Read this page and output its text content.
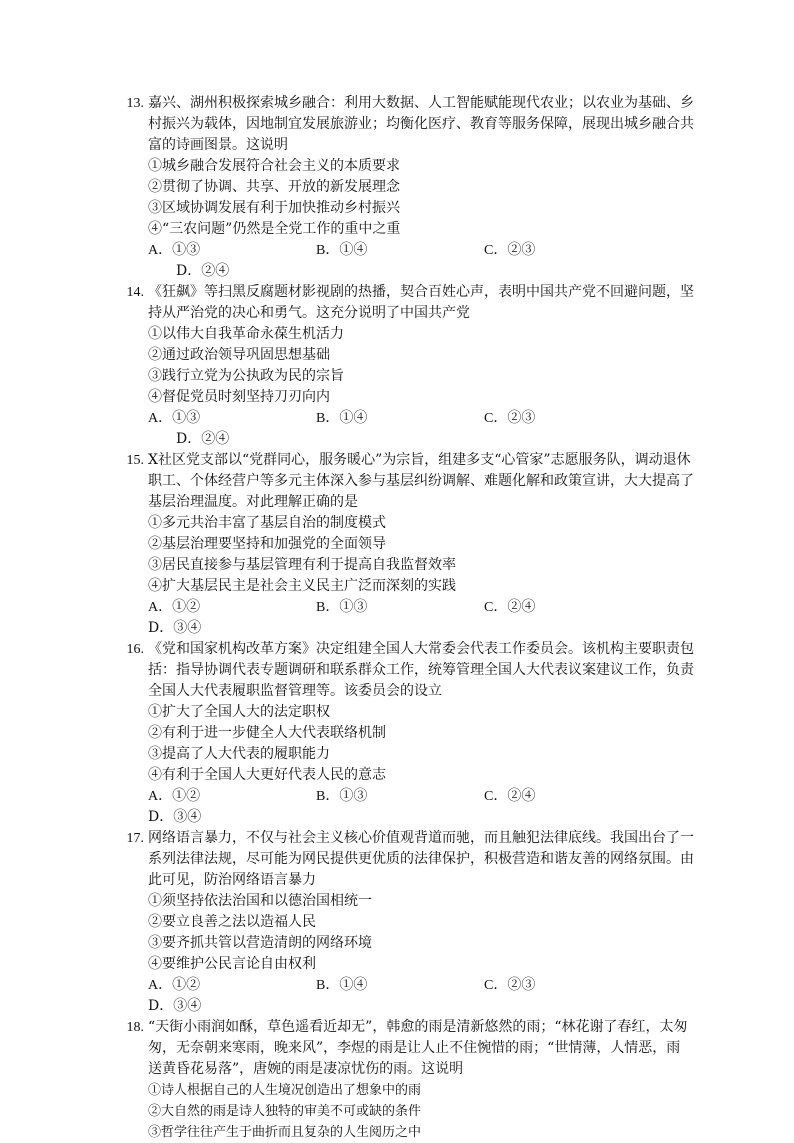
13. 嘉兴、湖州积极探索城乡融合：利用大数据、人工智能赋能现代农业；以农业为基础、乡村振兴为载体，因地制宜发展旅游业；均衡化医疗、教育等服务保障，展现出城乡融合共富的诗画图景。这说明

①城乡融合发展符合社会主义的本质要求

②贯彻了协调、共享、开放的新发展理念

③区域协调发展有利于加快推动乡村振兴

④“三农问题”仍然是全党工作的重中之重

A．①③	B．①④	C．②③
D．②④
14. 《狂飙》等扫黑反腐题材影视剧的热播，契合百姓心声，表明中国共产党不回避问题，坚持从严治党的决心和勇气。这充分说明了中国共产党

①以伟大自我革命永葆生机活力

②通过政治领导巩固思想基础

③践行立党为公执政为民的宗旨

④督促党员时刻坚持刀刃向内

A．①③	B．①④	C．②③
D．②④
15. X社区党支部以“党群同心，服务暖心”为宗旨，组建多支“心管家”志愿服务队，调动退休职工、个体经营户等多元主体深入参与基层纠纷调解、难题化解和政策宣讲，大大提高了基层治理温度。对此理解正确的是

①多元共治丰富了基层自治的制度模式

②基层治理要坚持和加强党的全面领导

③居民直接参与基层管理有利于提高自我监督效率

④扩大基层民主是社会主义民主广泛而深刻的实践

A．①②	B．①③	C．②④
D．③④
16. 《党和国家机构改革方案》决定组建全国人大常委会代表工作委员会。该机构主要职责包括：指导协调代表专题调研和联系群众工作，统筹管理全国人大代表议案建议工作，负责全国人大代表履职监督管理等。该委员会的设立

①扩大了全国人大的法定职权

②有利于进一步健全人大代表联络机制

③提高了人大代表的履职能力

④有利于全国人大更好代表人民的意志

A．①②	B．①③	C．②④
D．③④
17. 网络语言暴力，不仅与社会主义核心价值观背道而驰，而且触犯法律底线。我国出台了一系列法律法规，尽可能为网民提供更优质的法律保护，积极营造和谐友善的网络氛围。由此可见，防治网络语言暴力

①须坚持依法治国和以德治国相统一

②要立良善之法以造福人民

③要齐抓共管以营造清朗的网络环境

④要维护公民言论自由权利

A．①②	B．①④	C．②③
D．③④
18. “天街小雨润如酥，草色遥看近却无”，韩愈的雨是清新悠然的雨；“林花谢了春红，太匆匆，无奈朝来寒雨，晚来风”，李煜的雨是让人止不住惋惜的雨；“世情薄，人情恶，雨送黄昏花易落”，唐婉的雨是凄凉忧伤的雨。这说明

①诗人根据自己的人生境况创造出了想象中的雨

②大自然的雨是诗人独特的审美不可或缺的条件

③哲学往往产生于曲折而且复杂的人生阅历之中
